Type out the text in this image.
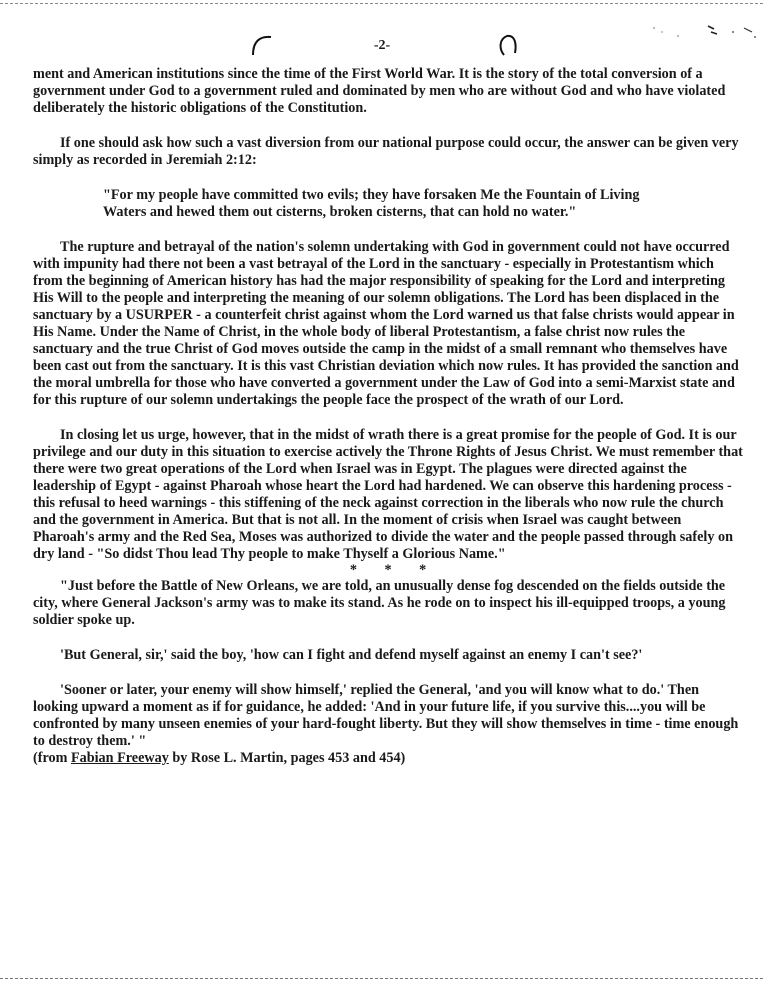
-2-

ment and American institutions since the time of the First World War. It is the story of the total conversion of a government under God to a government ruled and dominated by men who are without God and who have violated deliberately the historic obligations of the Constitution.

If one should ask how such a vast diversion from our national purpose could occur, the answer can be given very simply as recorded in Jeremiah 2:12:

"For my people have committed two evils; they have forsaken Me the Fountain of Living Waters and hewed them out cisterns, broken cisterns, that can hold no water."

The rupture and betrayal of the nation's solemn undertaking with God in government could not have occurred with impunity had there not been a vast betrayal of the Lord in the sanctuary - especially in Protestantism which from the beginning of American history has had the major responsibility of speaking for the Lord and interpreting His Will to the people and interpreting the meaning of our solemn obligations. The Lord has been displaced in the sanctuary by a USURPER - a counterfeit christ against whom the Lord warned us that false christs would appear in His Name. Under the Name of Christ, in the whole body of liberal Protestantism, a false christ now rules the sanctuary and the true Christ of God moves outside the camp in the midst of a small remnant who themselves have been cast out from the sanctuary. It is this vast Christian deviation which now rules. It has provided the sanction and the moral umbrella for those who have converted a government under the Law of God into a semi-Marxist state and for this rupture of our solemn undertakings the people face the prospect of the wrath of our Lord.

In closing let us urge, however, that in the midst of wrath there is a great promise for the people of God. It is our privilege and our duty in this situation to exercise actively the Throne Rights of Jesus Christ. We must remember that there were two great operations of the Lord when Israel was in Egypt. The plagues were directed against the leadership of Egypt - against Pharoah whose heart the Lord had hardened. We can observe this hardening process - this refusal to heed warnings - this stiffening of the neck against correction in the liberals who now rule the church and the government in America. But that is not all. In the moment of crisis when Israel was caught between Pharoah's army and the Red Sea, Moses was authorized to divide the water and the people passed through safely on dry land - "So didst Thou lead Thy people to make Thyself a Glorious Name."

* * *

"Just before the Battle of New Orleans, we are told, an unusually dense fog descended on the fields outside the city, where General Jackson's army was to make its stand. As he rode on to inspect his ill-equipped troops, a young soldier spoke up.

'But General, sir,' said the boy, 'how can I fight and defend myself against an enemy I can't see?'

'Sooner or later, your enemy will show himself,' replied the General, 'and you will know what to do.' Then looking upward a moment as if for guidance, he added: 'And in your future life, if you survive this....you will be confronted by many unseen enemies of your hard-fought liberty. But they will show themselves in time - time enough to destroy them.' "

(from Fabian Freeway by Rose L. Martin, pages 453 and 454)
